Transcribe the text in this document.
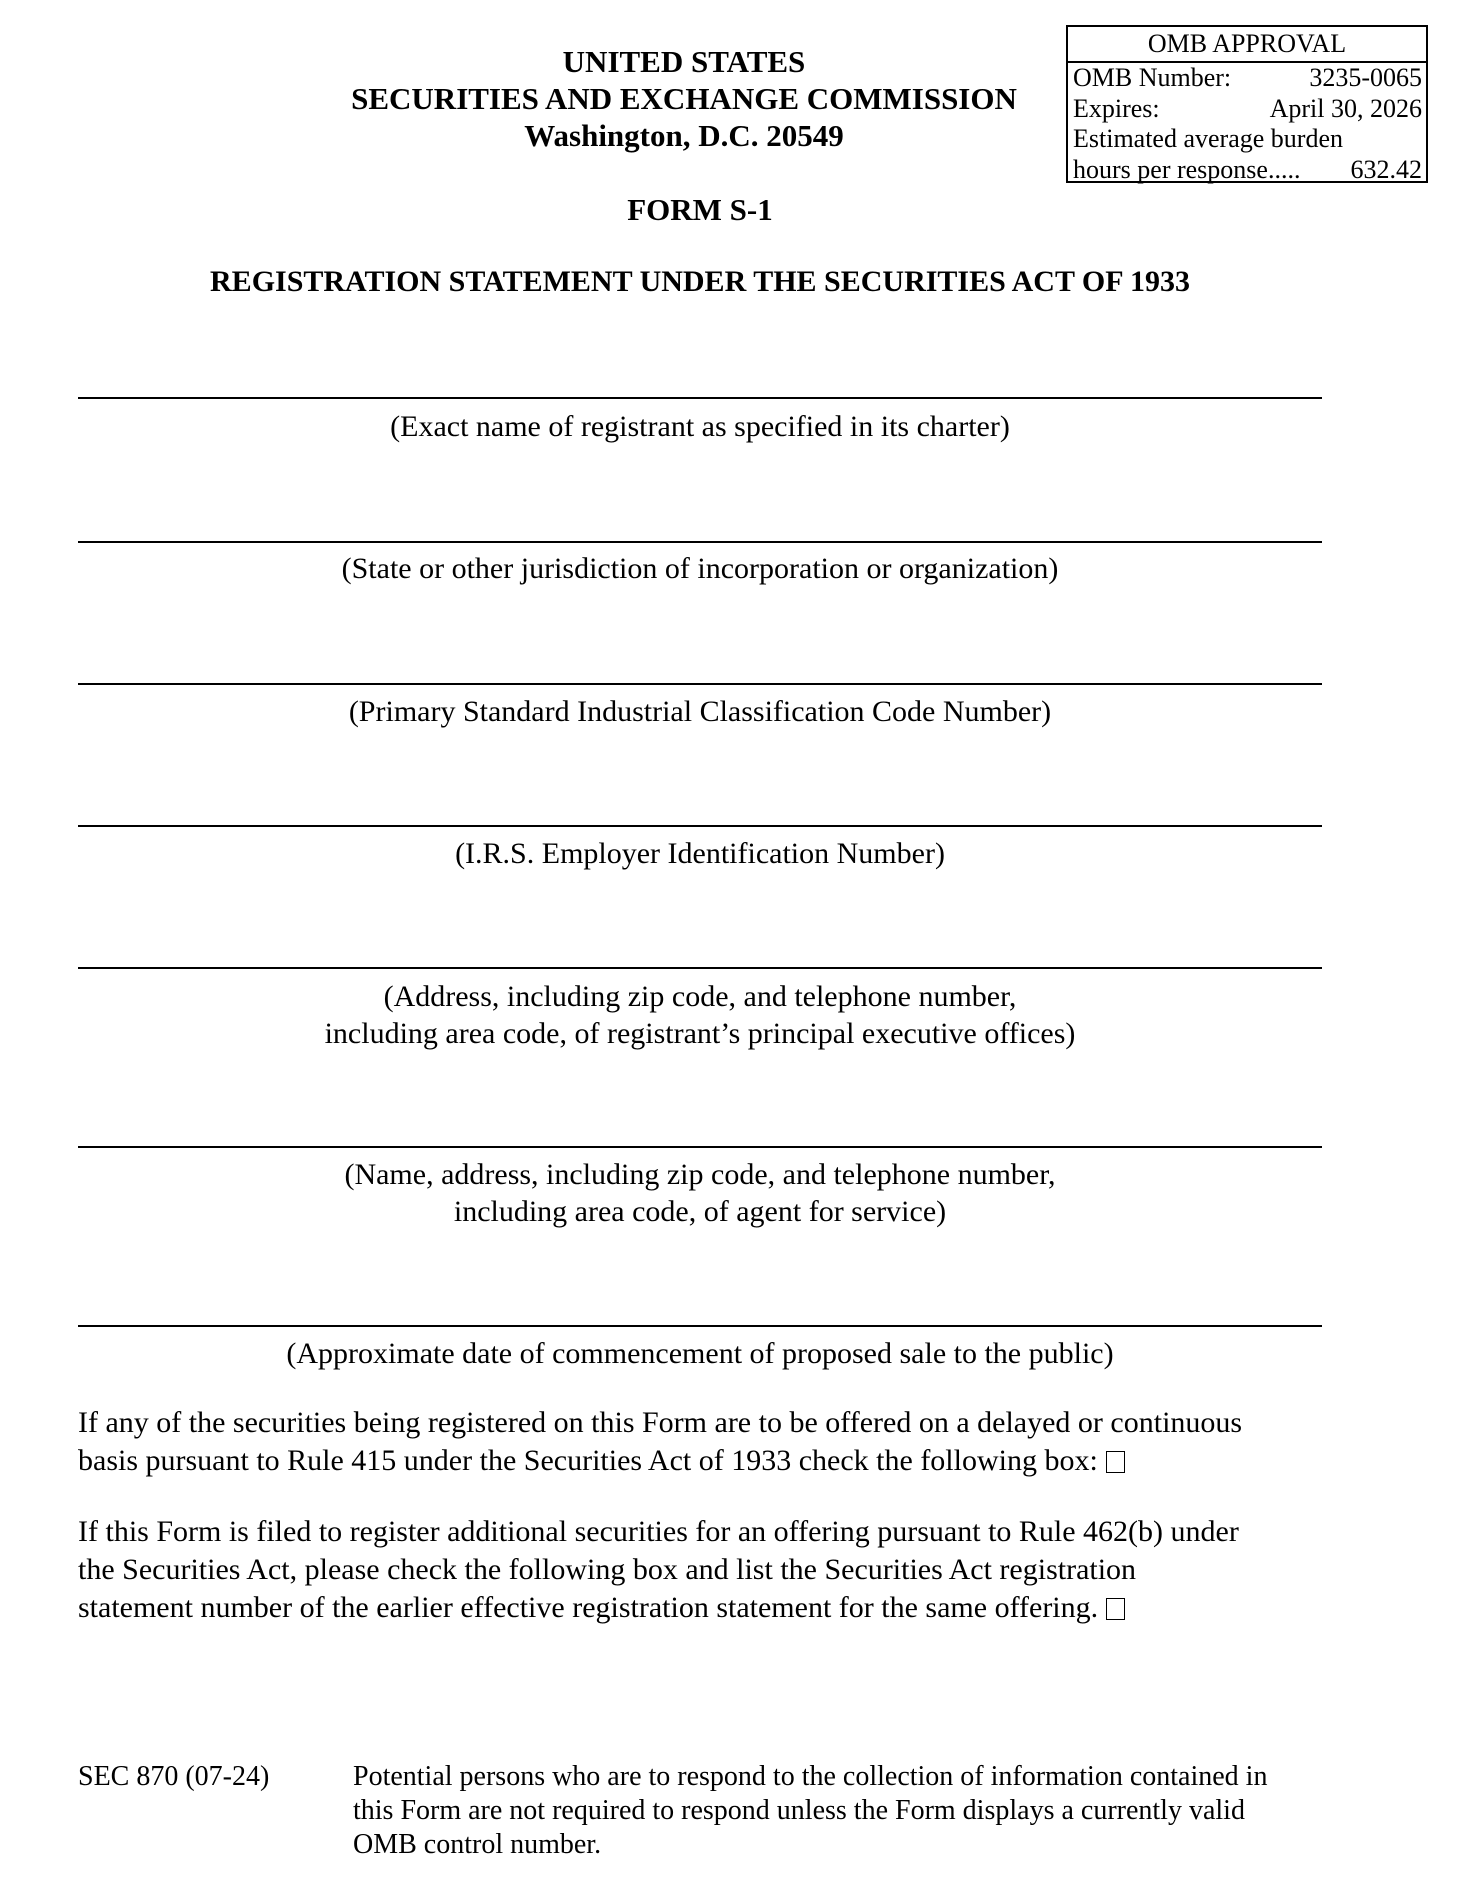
UNITED STATES
SECURITIES AND EXCHANGE COMMISSION
Washington, D.C. 20549
OMB APPROVAL
OMB Number:	3235-0065
Expires:	April 30, 2026
Estimated average burden
hours per response..... 632.42
FORM S-1
REGISTRATION STATEMENT UNDER THE SECURITIES ACT OF 1933
(Exact name of registrant as specified in its charter)
(State or other jurisdiction of incorporation or organization)
(Primary Standard Industrial Classification Code Number)
(I.R.S. Employer Identification Number)
(Address, including zip code, and telephone number,
including area code, of registrant’s principal executive offices)
(Name, address, including zip code, and telephone number,
including area code, of agent for service)
(Approximate date of commencement of proposed sale to the public)
If any of the securities being registered on this Form are to be offered on a delayed or continuous
basis pursuant to Rule 415 under the Securities Act of 1933 check the following box:
If this Form is filed to register additional securities for an offering pursuant to Rule 462(b) under
the Securities Act, please check the following box and list the Securities Act registration
statement number of the earlier effective registration statement for the same offering.
SEC 870 (07-24)	Potential persons who are to respond to the collection of information contained in
this Form are not required to respond unless the Form displays a currently valid
OMB control number.
